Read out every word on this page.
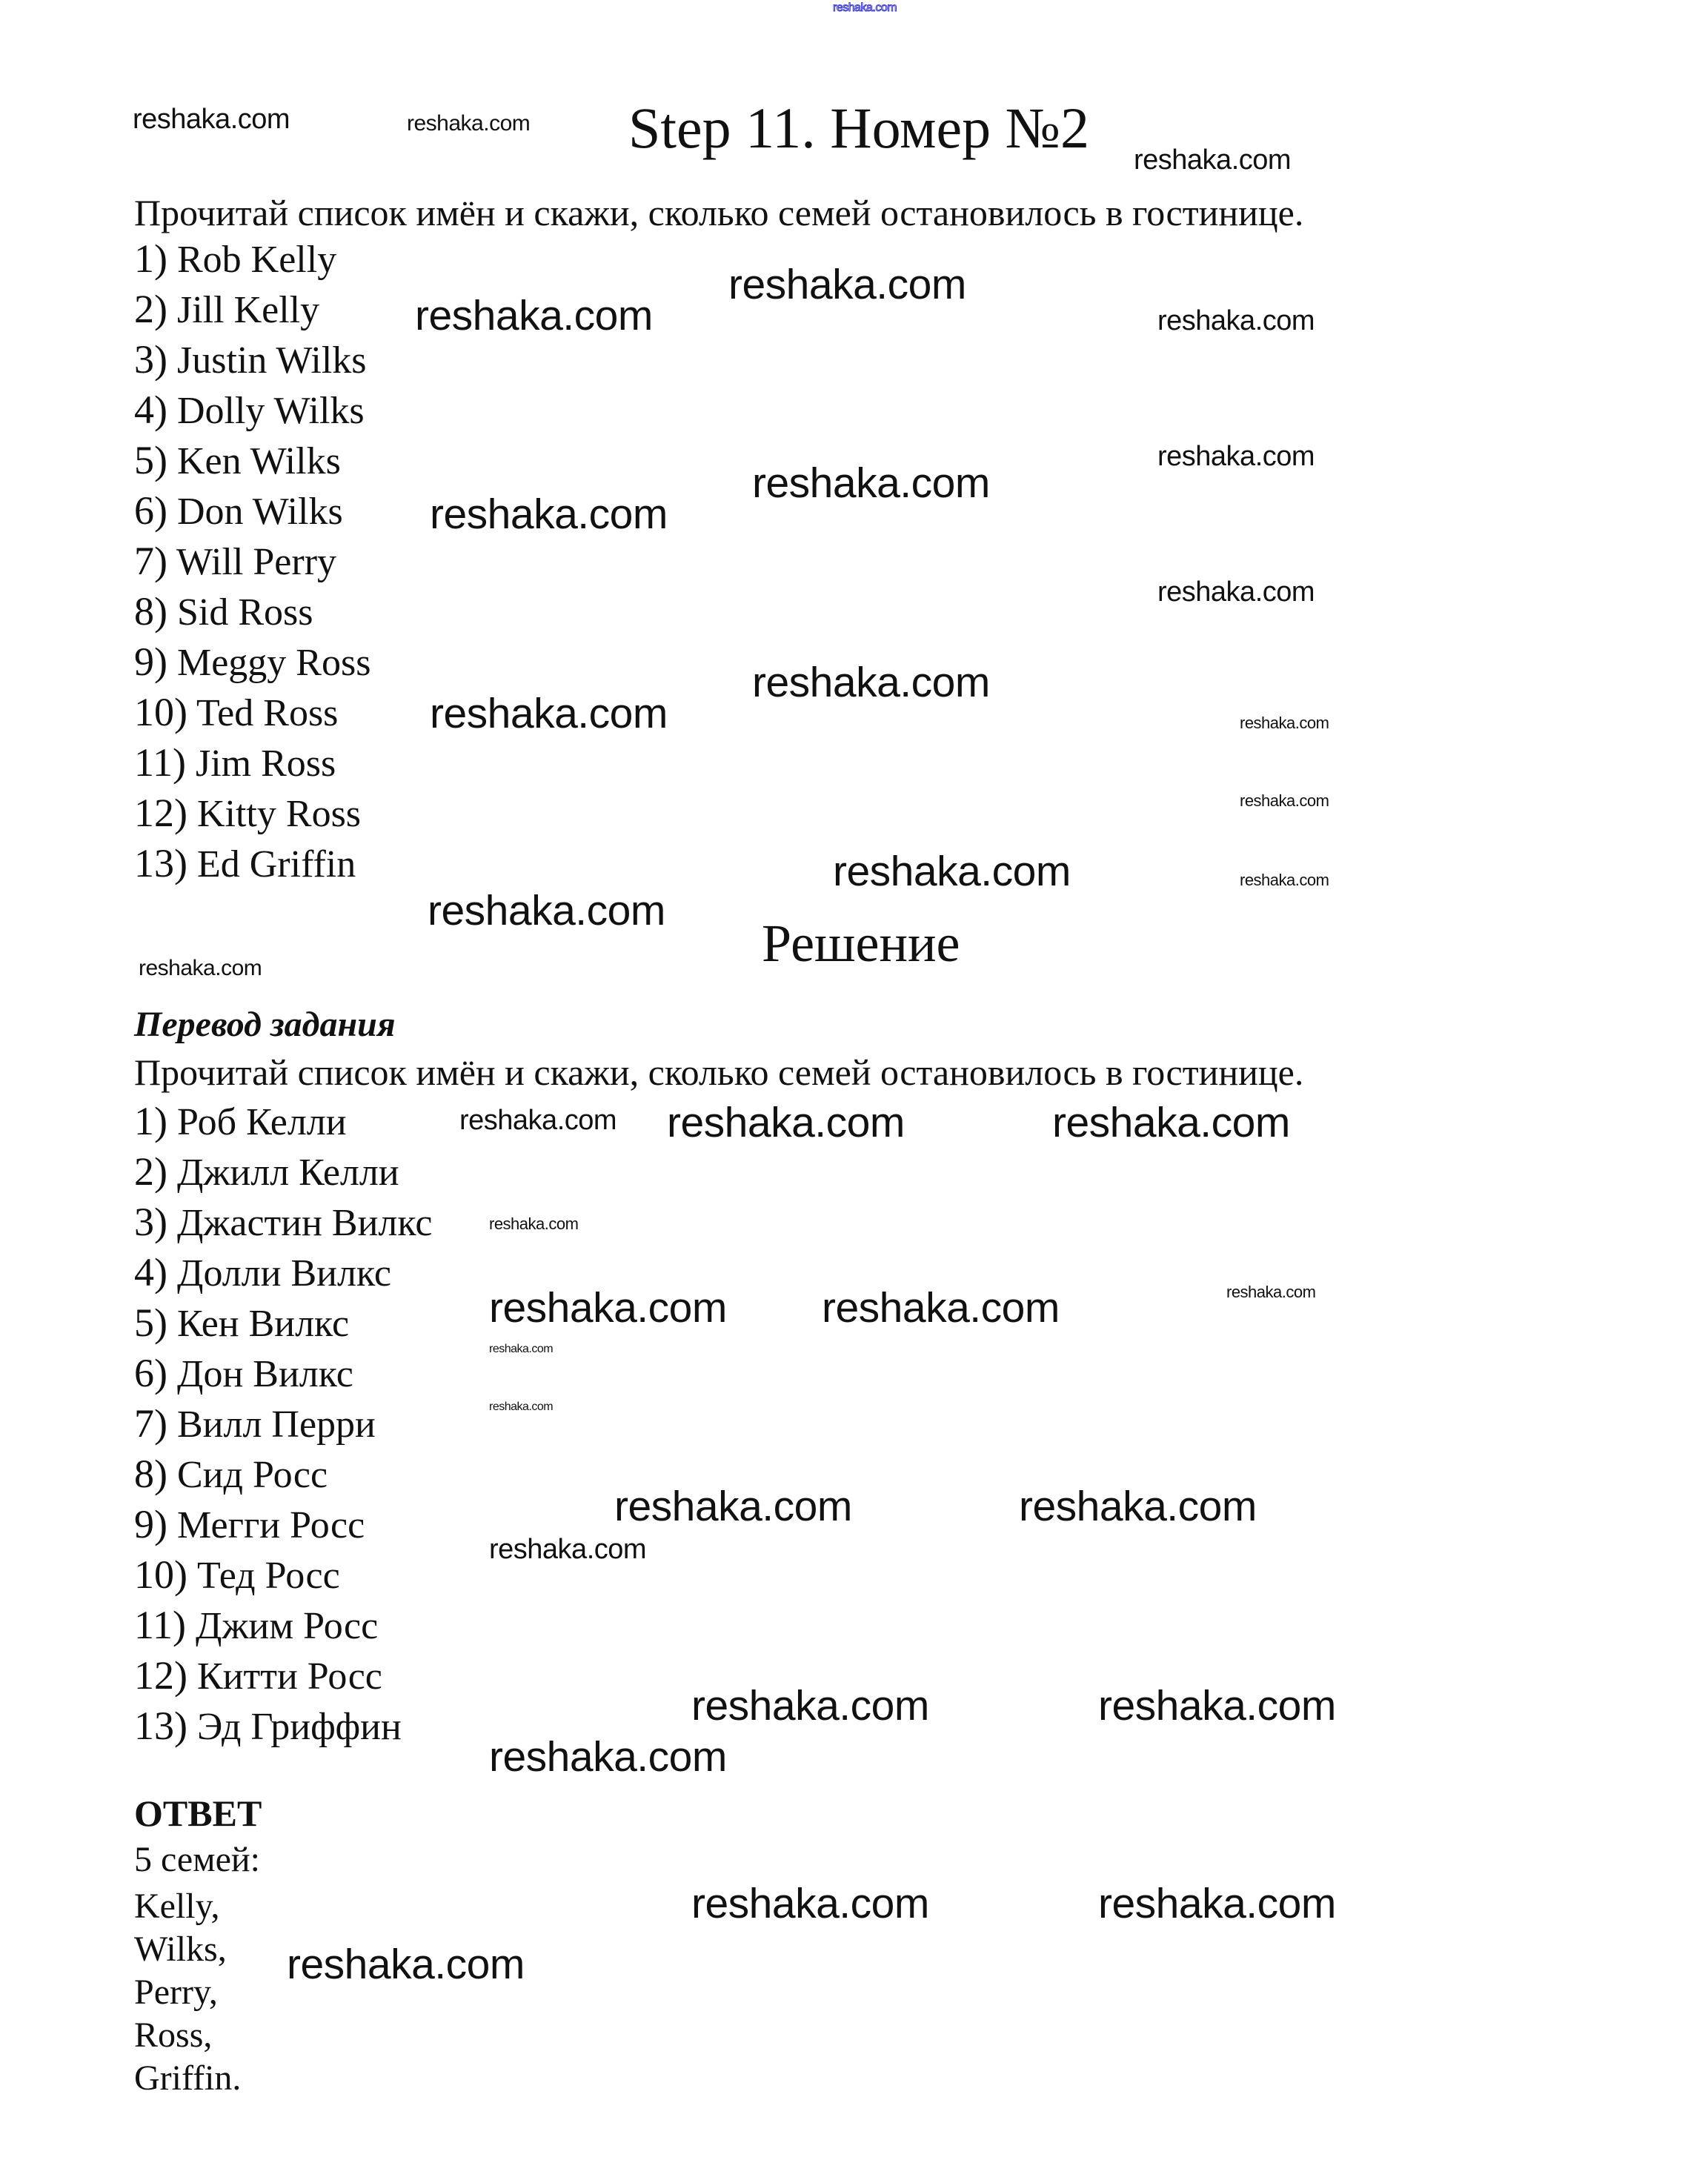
Step 11. Номер №2
Прочитай список имён и скажи, сколько семей остановилось в гостинице.
1) Rob Kelly
2) Jill Kelly
3) Justin Wilks
4) Dolly Wilks
5) Ken Wilks
6) Don Wilks
7) Will Perry
8) Sid Ross
9) Meggy Ross
10) Ted Ross
11) Jim Ross
12) Kitty Ross
13) Ed Griffin
Решение
Перевод задания
Прочитай список имён и скажи, сколько семей остановилось в гостинице.
1) Роб Келли
2) Джилл Келли
3) Джастин Вилкс
4) Долли Вилкс
5) Кен Вилкс
6) Дон Вилкс
7) Вилл Перри
8) Сид Росс
9) Мегги Росс
10) Тед Росс
11) Джим Росс
12) Китти Росс
13) Эд Гриффин
ОТВЕТ
5 семей:
Kelly,
Wilks,
Perry,
Ross,
Griffin.
reshaka.com
reshaka.com	reshaka.com
reshaka.com
reshaka.com
reshaka.com	reshaka.com
reshaka.com
reshaka.com
reshaka.com
reshaka.com
reshaka.com
reshaka.com	reshaka.com
reshaka.com
reshaka.com	reshaka.com
reshaka.com
reshaka.com
reshaka.com reshaka.com	reshaka.com
reshaka.com
reshaka.com reshaka.com	reshaka.com
reshaka.com
reshaka.com
reshaka.com	reshaka.com
reshaka.com
reshaka.com	reshaka.com
reshaka.com
reshaka.com	reshaka.com
reshaka.com
